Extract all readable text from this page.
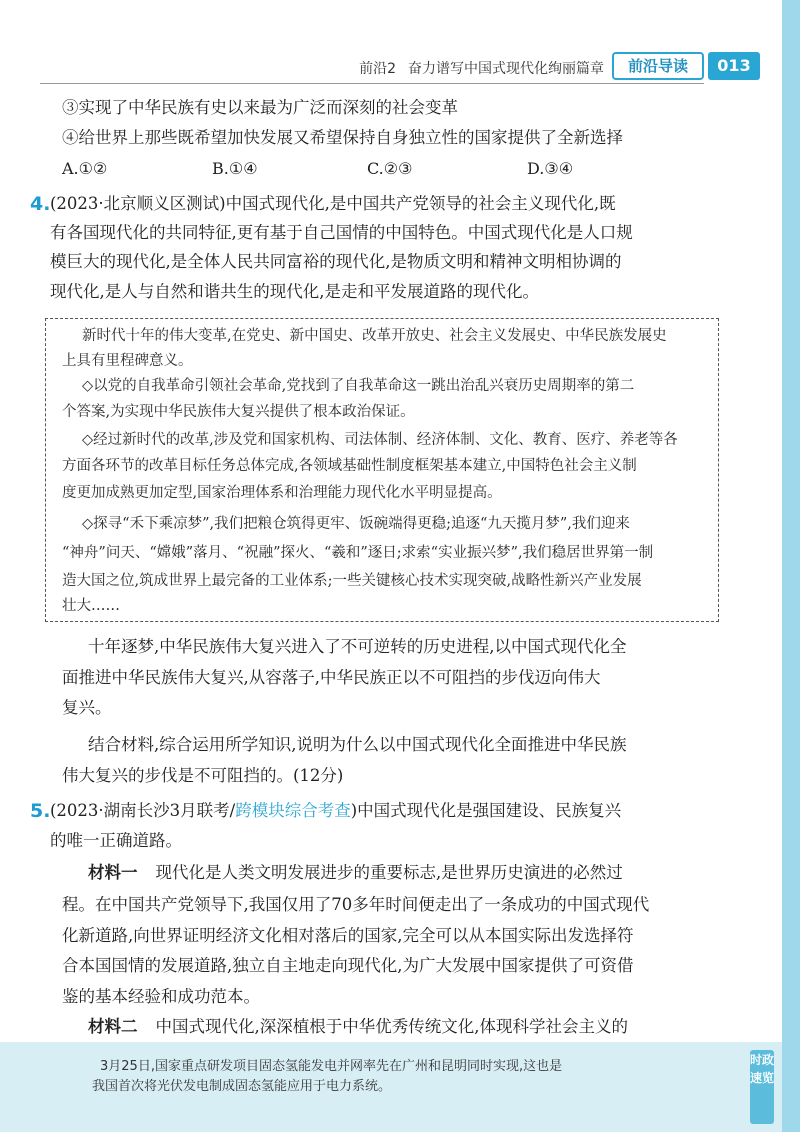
前沿2 奋力谱写中国式现代化绚丽篇章	前沿导读	013
③实现了中华民族有史以来最为广泛而深刻的社会变革
④给世界上那些既希望加快发展又希望保持自身独立性的国家提供了全新选择
A.①②	B.①④	C.②③	D.③④
4. (2023·北京顺义区测试)中国式现代化,是中国共产党领导的社会主义现代化,既
有各国现代化的共同特征,更有基于自己国情的中国特色。中国式现代化是人口规
模巨大的现代化,是全体人民共同富裕的现代化,是物质文明和精神文明相协调的
现代化,是人与自然和谐共生的现代化,是走和平发展道路的现代化。
新时代十年的伟大变革,在党史、新中国史、改革开放史、社会主义发展史、中华民族发展史
上具有里程碑意义。
◇以党的自我革命引领社会革命,党找到了自我革命这一跳出治乱兴衰历史周期率的第二
个答案,为实现中华民族伟大复兴提供了根本政治保证。
◇经过新时代的改革,涉及党和国家机构、司法体制、经济体制、文化、教育、医疗、养老等各
方面各环节的改革目标任务总体完成,各领域基础性制度框架基本建立,中国特色社会主义制
度更加成熟更加定型,国家治理体系和治理能力现代化水平明显提高。
◇探寻“禾下乘凉梦”,我们把粮仓筑得更牢、饭碗端得更稳;追逐“九天揽月梦”,我们迎来
“神舟”问天、“嫦娥”落月、“祝融”探火、“羲和”逐日;求索“实业振兴梦”,我们稳居世界第一制
造大国之位,筑成世界上最完备的工业体系;一些关键核心技术实现突破,战略性新兴产业发展
壮大……
十年逐梦,中华民族伟大复兴进入了不可逆转的历史进程,以中国式现代化全
面推进中华民族伟大复兴,从容落子,中华民族正以不可阻挡的步伐迈向伟大
复兴。
结合材料,综合运用所学知识,说明为什么以中国式现代化全面推进中华民族
伟大复兴的步伐是不可阻挡的。(12分)
5. (2023·湖南长沙3月联考/跨模块综合考查)中国式现代化是强国建设、民族复兴
的唯一正确道路。
材料一 现代化是人类文明发展进步的重要标志,是世界历史演进的必然过
程。在中国共产党领导下,我国仅用了70多年时间便走出了一条成功的中国式现代
化新道路,向世界证明经济文化相对落后的国家,完全可以从本国实际出发选择符
合本国国情的发展道路,独立自主地走向现代化,为广大发展中国家提供了可资借
鉴的基本经验和成功范本。
材料二 中国式现代化,深深植根于中华优秀传统文化,体现科学社会主义的
3月25日,国家重点研发项目固态氢能发电并网率先在广州和昆明同时实现,这也是
我国首次将光伏发电制成固态氢能应用于电力系统。
时政速览
